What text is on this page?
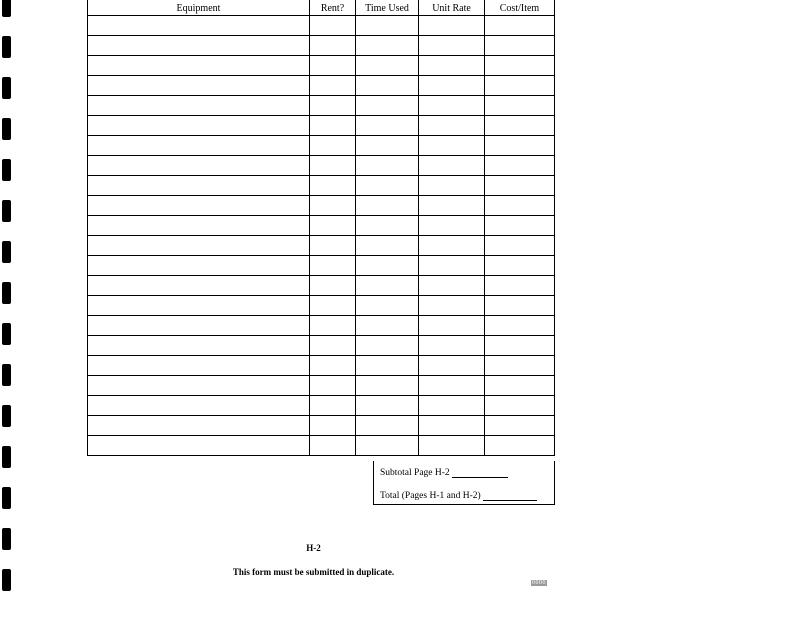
Equipment	Rent?	Time Used	Unit Rate	Cost/Item

Subtotal Page H-2
Total (Pages H-1 and H-2)
H-2
This form must be submitted in duplicate.
0000
